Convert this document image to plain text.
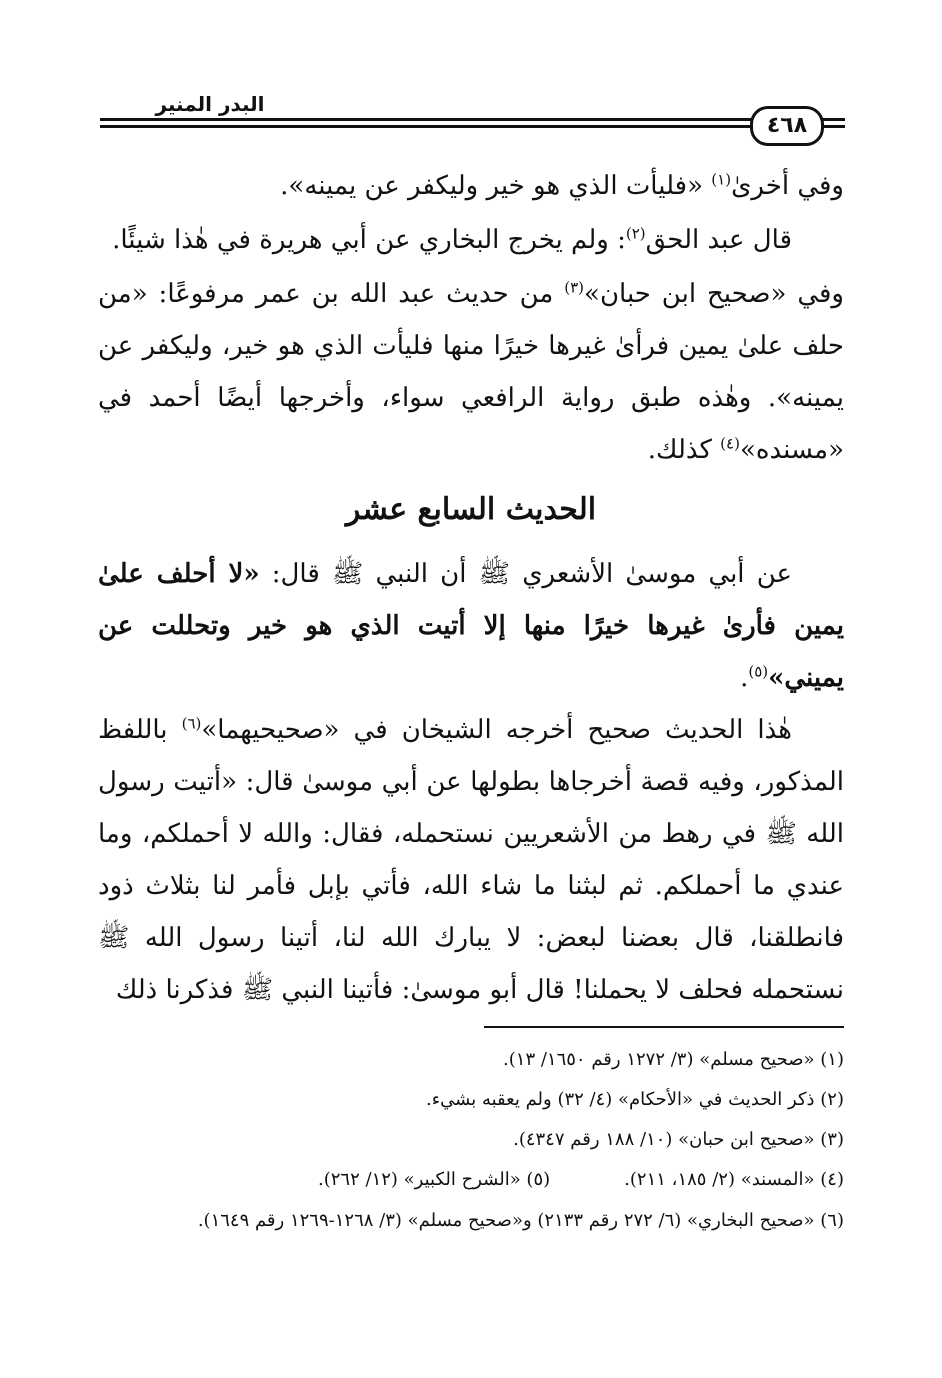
البدر المنير
٤٦٨
وفي أخرىٰ$^{(١)}$ «فليأت الذي هو خير وليكفر عن يمينه».
قال عبد الحق$^{(٢)}$: ولم يخرج البخاري عن أبي هريرة في هٰذا شيئًا.
وفي «صحيح ابن حبان»$^{(٣)}$ من حديث عبد الله بن عمر مرفوعًا: «من حلف علىٰ يمين فرأىٰ غيرها خيرًا منها فليأت الذي هو خير، وليكفر عن يمينه». وهٰذه طبق رواية الرافعي سواء، وأخرجها أيضًا أحمد في «مسنده»$^{(٤)}$ كذلك.
الحديث السابع عشر
عن أبي موسىٰ الأشعري ﷺ أن النبي ﷺ قال: «لا أحلف علىٰ يمين فأرىٰ غيرها خيرًا منها إلا أتيت الذي هو خير وتحللت عن يميني»$^{(٥)}$.
هٰذا الحديث صحيح أخرجه الشيخان في «صحيحيهما»$^{(٦)}$ باللفظ المذكور، وفيه قصة أخرجاها بطولها عن أبي موسىٰ قال: «أتيت رسول الله ﷺ في رهط من الأشعريين نستحمله، فقال: والله لا أحملكم، وما عندي ما أحملكم. ثم لبثنا ما شاء الله، فأتي بإبل فأمر لنا بثلاث ذود فانطلقنا، قال بعضنا لبعض: لا يبارك الله لنا، أتينا رسول الله ﷺ نستحمله فحلف لا يحملنا! قال أبو موسىٰ: فأتينا النبي ﷺ فذكرنا ذلك
(١) «صحيح مسلم» (٣/ ١٢٧٢ رقم ١٦٥٠/ ١٣).
(٢) ذكر الحديث في «الأحكام» (٤/ ٣٢) ولم يعقبه بشيء.
(٣) «صحيح ابن حبان» (١٠/ ١٨٨ رقم ٤٣٤٧).
(٤) «المسند» (٢/ ١٨٥، ٢١١).
(٥) «الشرح الكبير» (١٢/ ٢٦٢).
(٦) «صحيح البخاري» (٦/ ٢٧٢ رقم ٢١٣٣) و«صحيح مسلم» (٣/ ١٢٦٨-١٢٦٩ رقم ١٦٤٩).
